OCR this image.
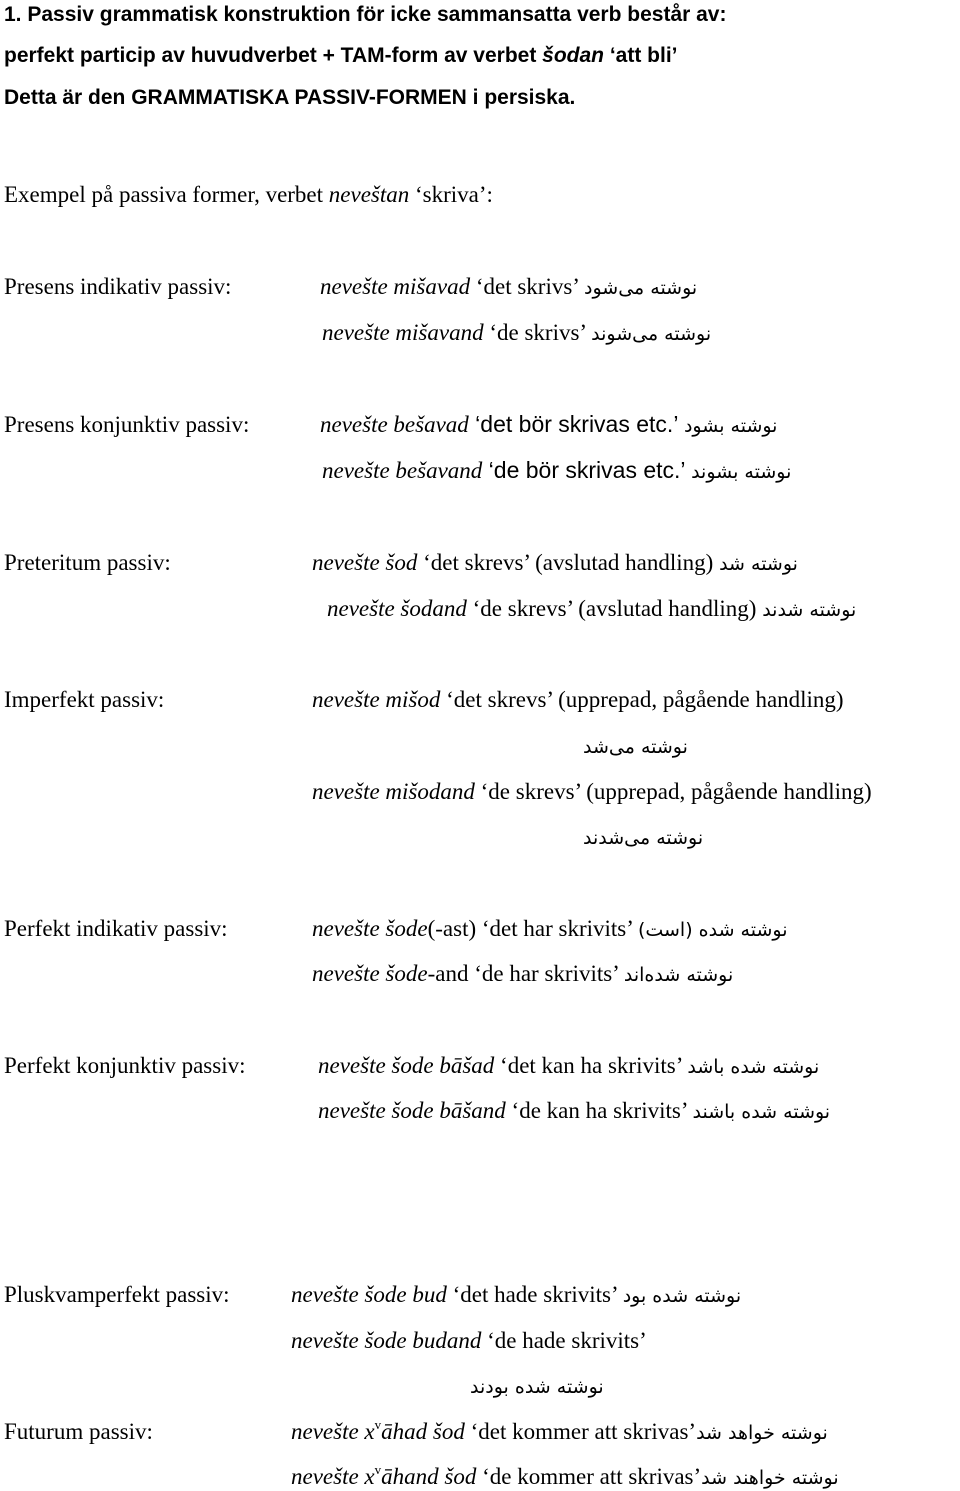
1. Passiv grammatisk konstruktion för icke sammansatta verb består av:
perfekt particip av huvudverbet + TAM-form av verbet šodan ‘att bli’
Detta är den GRAMMATISKA PASSIV-FORMEN i persiska.
Exempel på passiva former, verbet neveštan ‘skriva’:
Presens indikativ passiv:	nevešte mišavad ‘det skrivs’ نوشته می‌شود
nevešte mišavand ‘de skrivs’ نوشته می‌شوند
Presens konjunktiv passiv:	nevešte bešavad ‘det bör skrivas etc.’ نوشته بشود
nevešte bešavand ‘de bör skrivas etc.’ نوشته بشوند
Preteritum passiv:	nevešte šod ‘det skrevs’ (avslutad handling) نوشته شد
nevešte šodand ‘de skrevs’ (avslutad handling) نوشته شدند
Imperfekt passiv:	nevešte mišod ‘det skrevs’ (upprepad, pågående handling)
نوشته می‌شد
nevešte mišodand ‘de skrevs’ (upprepad, pågående handling)
نوشته می‌شدند
Perfekt indikativ passiv:	nevešte šode(-ast) ‘det har skrivits’ نوشته شده (است)
nevešte šode-and ‘de har skrivits’ نوشته شده‌اند
Perfekt konjunktiv passiv:	nevešte šode bāšad ‘det kan ha skrivits’ نوشته شده باشد
nevešte šode bāšand ‘de kan ha skrivits’ نوشته شده باشند
Pluskvamperfekt passiv:	nevešte šode bud ‘det hade skrivits’ نوشته شده بود
nevešte šode budand ‘de hade skrivits’
نوشته شده بودند
Futurum passiv:	nevešte $x^vāhad$ šod ‘det kommer att skrivas’نوشته خواهد شد
nevešte $x^vāhand$ šod ‘de kommer att skrivas’نوشته خواهند شد
